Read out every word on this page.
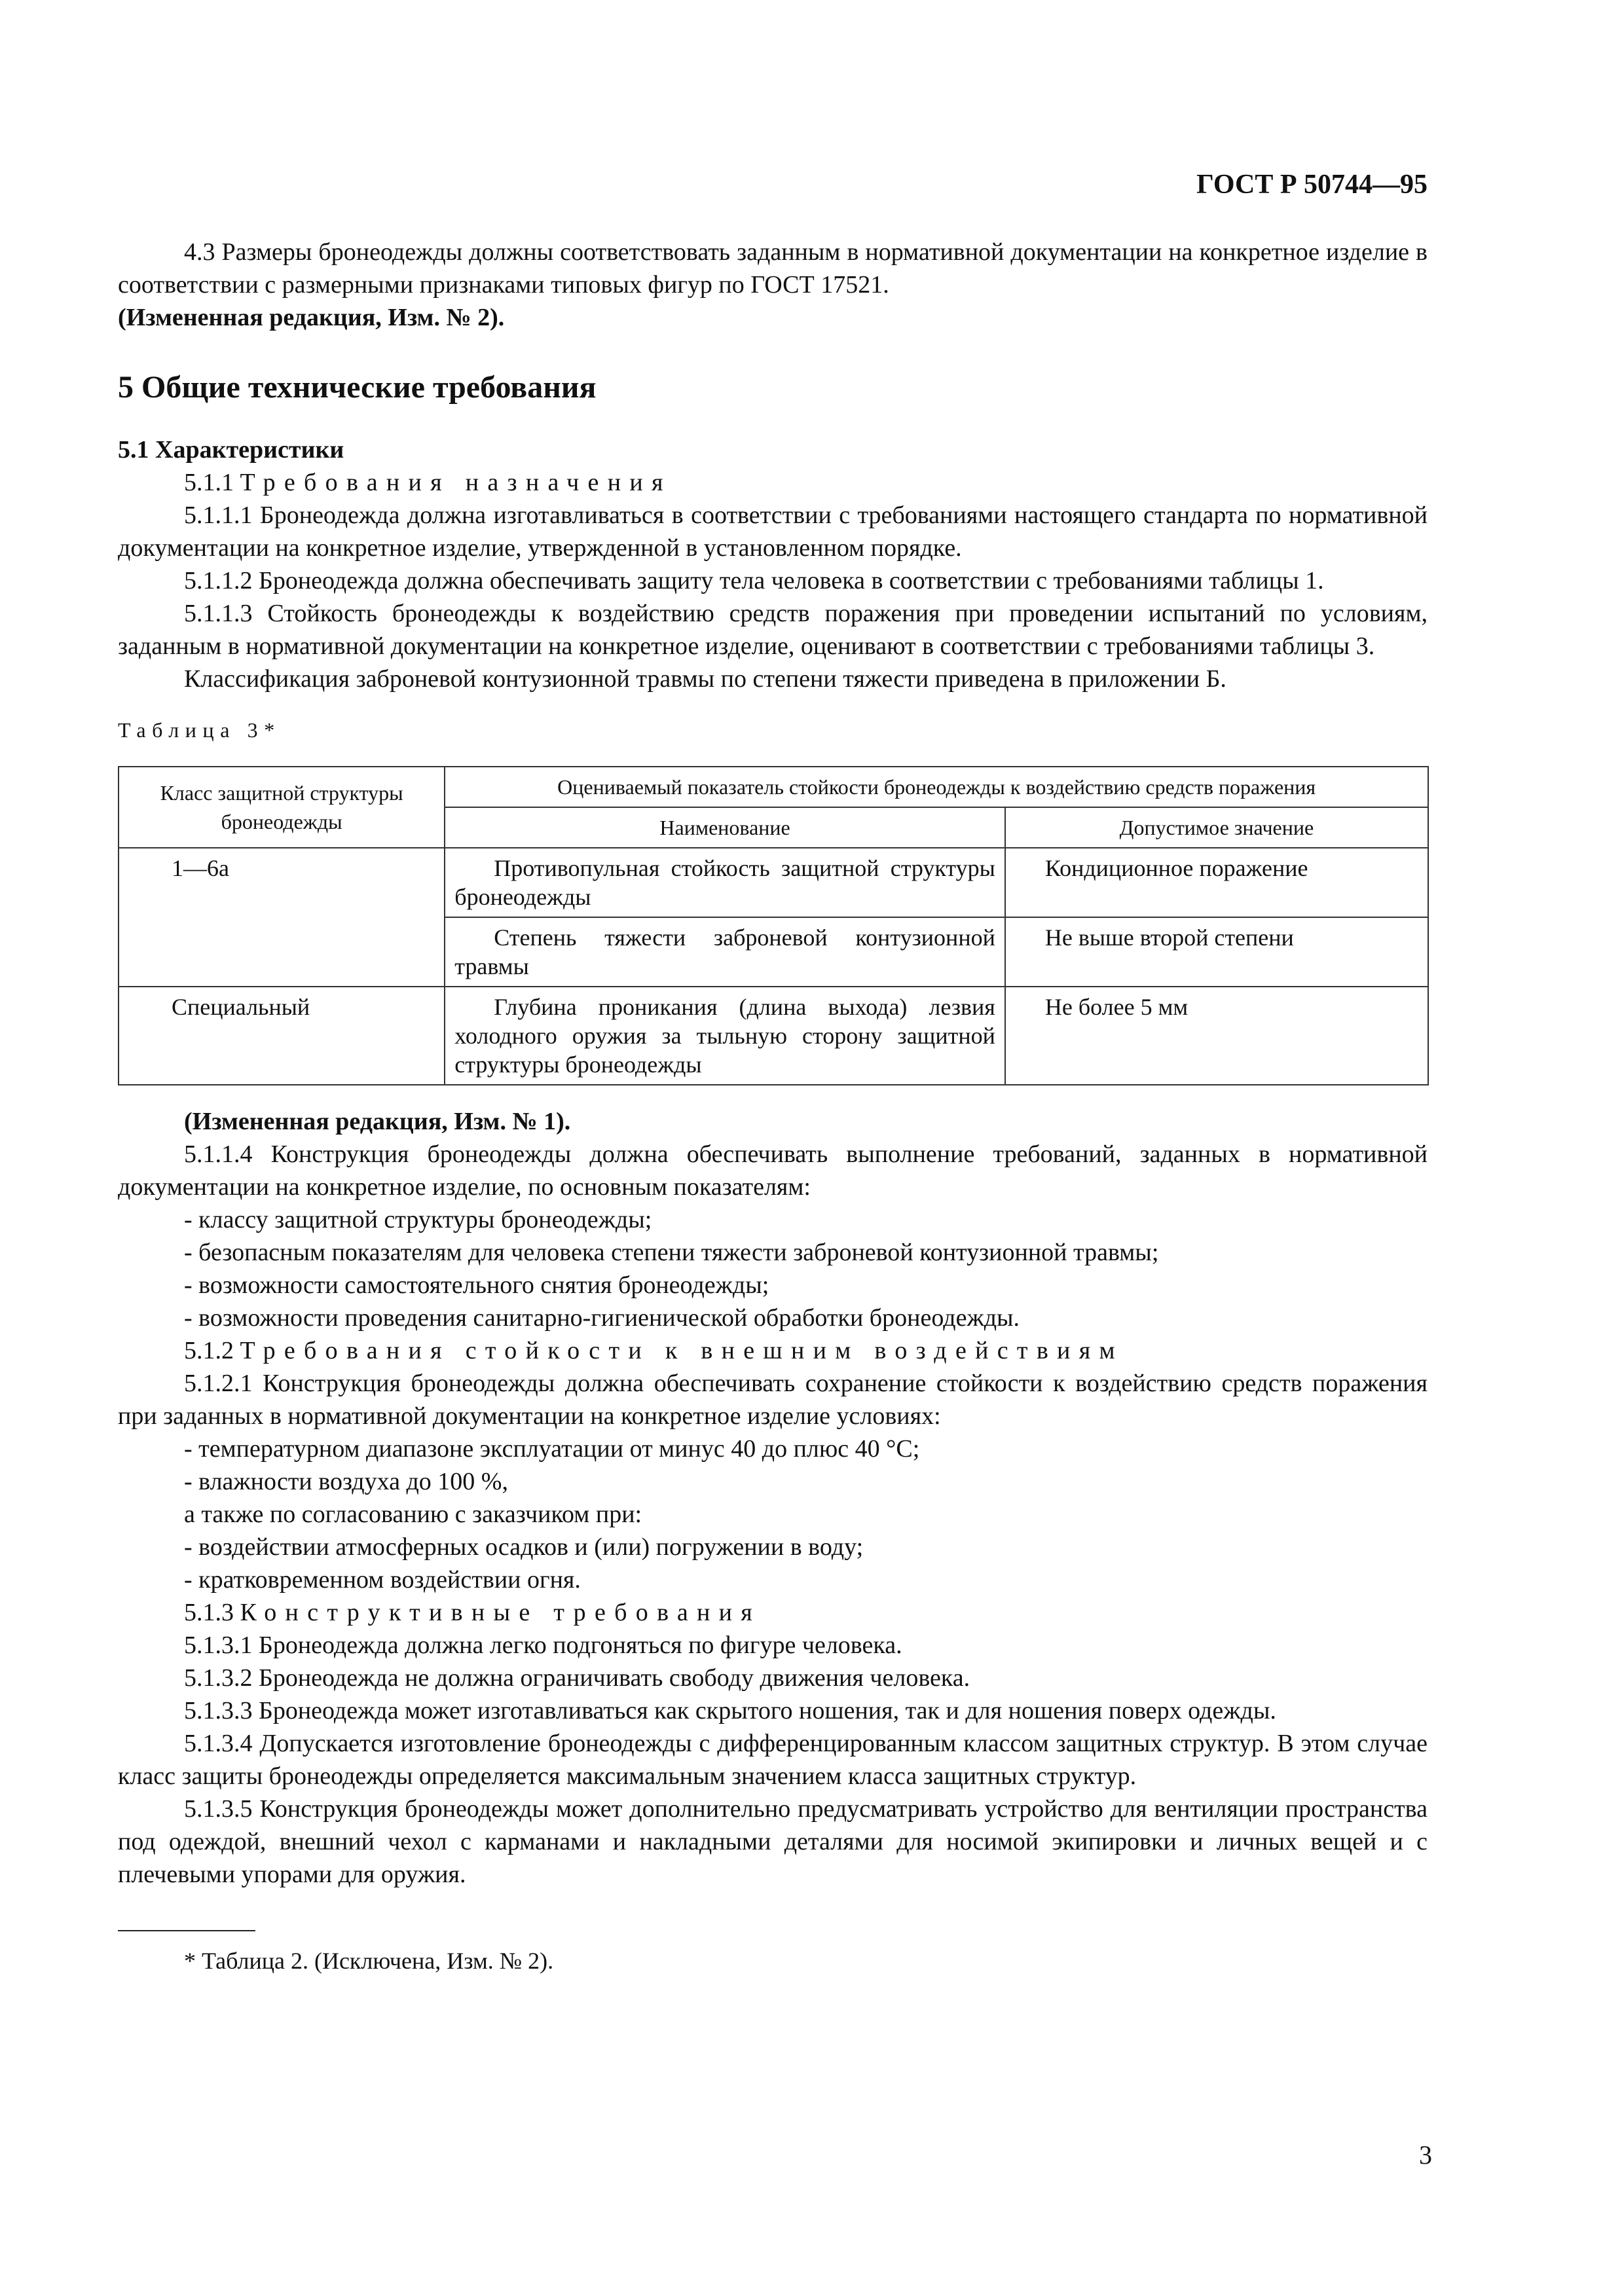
ГОСТ Р 50744—95

4.3 Размеры бронеодежды должны соответствовать заданным в нормативной документации на конкретное изделие в соответствии с размерными признаками типовых фигур по ГОСТ 17521.

(Измененная редакция, Изм. № 2).

5 Общие технические требования

5.1 Характеристики

5.1.1 Требования назначения

5.1.1.1 Бронеодежда должна изготавливаться в соответствии с требованиями настоящего стандарта по нормативной документации на конкретное изделие, утвержденной в установленном порядке.

5.1.1.2 Бронеодежда должна обеспечивать защиту тела человека в соответствии с требованиями таблицы 1.

5.1.1.3 Стойкость бронеодежды к воздействию средств поражения при проведении испытаний по условиям, заданным в нормативной документации на конкретное изделие, оценивают в соответствии с требованиями таблицы 3.

Классификация заброневой контузионной травмы по степени тяжести приведена в приложении Б.

Таблица 3*
Класс защитной структуры бронеодежды	Оцениваемый показатель стойкости бронеодежды к воздействию средств поражения	
	Наименование	Допустимое значение
1—6а	Противопульная стойкость защитной структуры бронеодежды	Кондиционное поражение
	Степень тяжести заброневой контузионной травмы	Не выше второй степени
Специальный	Глубина проникания (длина выхода) лезвия холодного оружия за тыльную сторону защитной структуры бронеодежды	Не более 5 мм

(Измененная редакция, Изм. № 1).

5.1.1.4 Конструкция бронеодежды должна обеспечивать выполнение требований, заданных в нормативной документации на конкретное изделие, по основным показателям:

- классу защитной структуры бронеодежды;
- безопасным показателям для человека степени тяжести заброневой контузионной травмы;
- возможности самостоятельного снятия бронеодежды;
- возможности проведения санитарно-гигиенической обработки бронеодежды.

5.1.2 Требования стойкости к внешним воздействиям

5.1.2.1 Конструкция бронеодежды должна обеспечивать сохранение стойкости к воздействию средств поражения при заданных в нормативной документации на конкретное изделие условиях:

- температурном диапазоне эксплуатации от минус 40 до плюс 40 °С;
- влажности воздуха до 100 %,
а также по согласованию с заказчиком при:
- воздействии атмосферных осадков и (или) погружении в воду;
- кратковременном воздействии огня.

5.1.3 Конструктивные требования

5.1.3.1 Бронеодежда должна легко подгоняться по фигуре человека.

5.1.3.2 Бронеодежда не должна ограничивать свободу движения человека.

5.1.3.3 Бронеодежда может изготавливаться как скрытого ношения, так и для ношения поверх одежды.

5.1.3.4 Допускается изготовление бронеодежды с дифференцированным классом защитных структур. В этом случае класс защиты бронеодежды определяется максимальным значением класса защитных структур.

5.1.3.5 Конструкция бронеодежды может дополнительно предусматривать устройство для вентиляции пространства под одеждой, внешний чехол с карманами и накладными деталями для носимой экипировки и личных вещей и с плечевыми упорами для оружия.

* Таблица 2. (Исключена, Изм. № 2).
3
